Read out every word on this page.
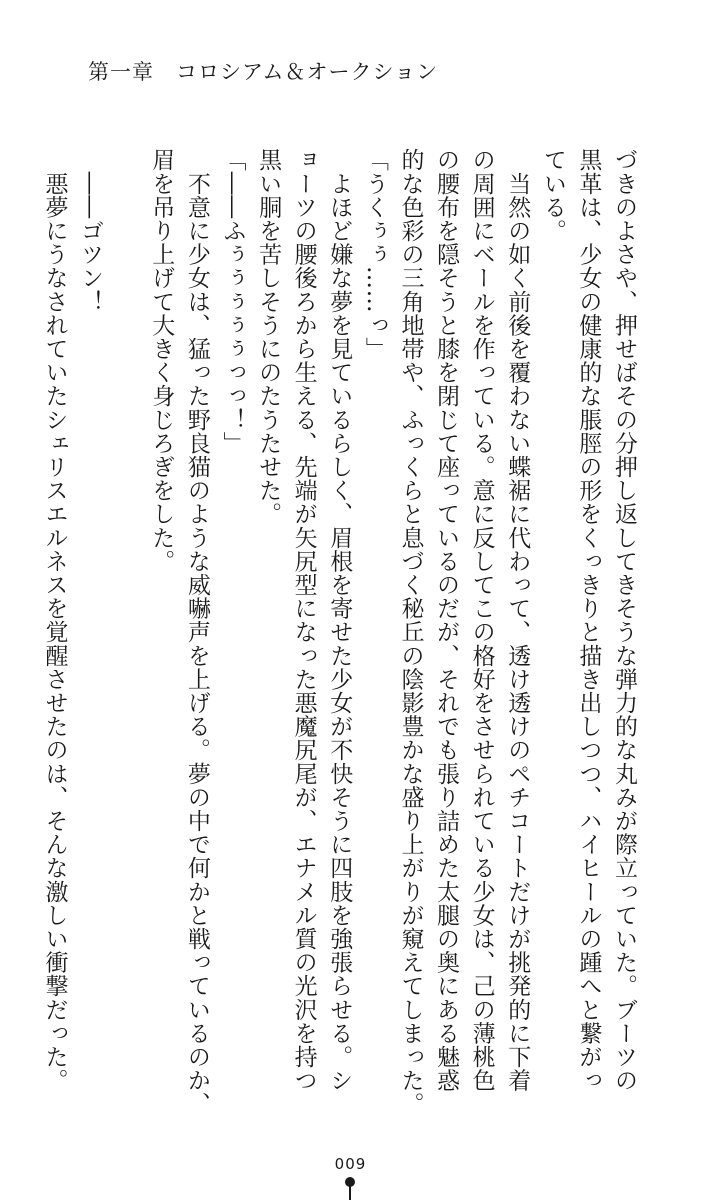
第一章　コロシアム＆オークション
づきのよさや、押せばその分押し返してきそうな弾力的な丸みが際立っていた。ブーツの
黒革は、少女の健康的な脹脛の形をくっきりと描き出しつつ、ハイヒールの踵へと繋がっ
ている。
　当然の如く前後を覆わない蝶裾に代わって、透け透けのペチコートだけが挑発的に下着
の周囲にベールを作っている。意に反してこの格好をさせられている少女は、己の薄桃色
の腰布を隠そうと膝を閉じて座っているのだが、それでも張り詰めた太腿の奥にある魅惑
的な色彩の三角地帯や、ふっくらと息づく秘丘の陰影豊かな盛り上がりが窺えてしまった。
「うくぅぅ……っ」
　よほど嫌な夢を見ているらしく、眉根を寄せた少女が不快そうに四肢を強張らせる。シ
ョーツの腰後ろから生える、先端が矢尻型になった悪魔尻尾が、エナメル質の光沢を持つ
黒い胴を苦しそうにのたうたせた。
「――ふぅぅぅぅぅっっ！」
　不意に少女は、猛った野良猫のような威嚇声を上げる。夢の中で何かと戦っているのか、
眉を吊り上げて大きく身じろぎをした。

　――ゴツン！
　悪夢にうなされていたシェリスエルネスを覚醒させたのは、そんな激しい衝撃だった。
009
